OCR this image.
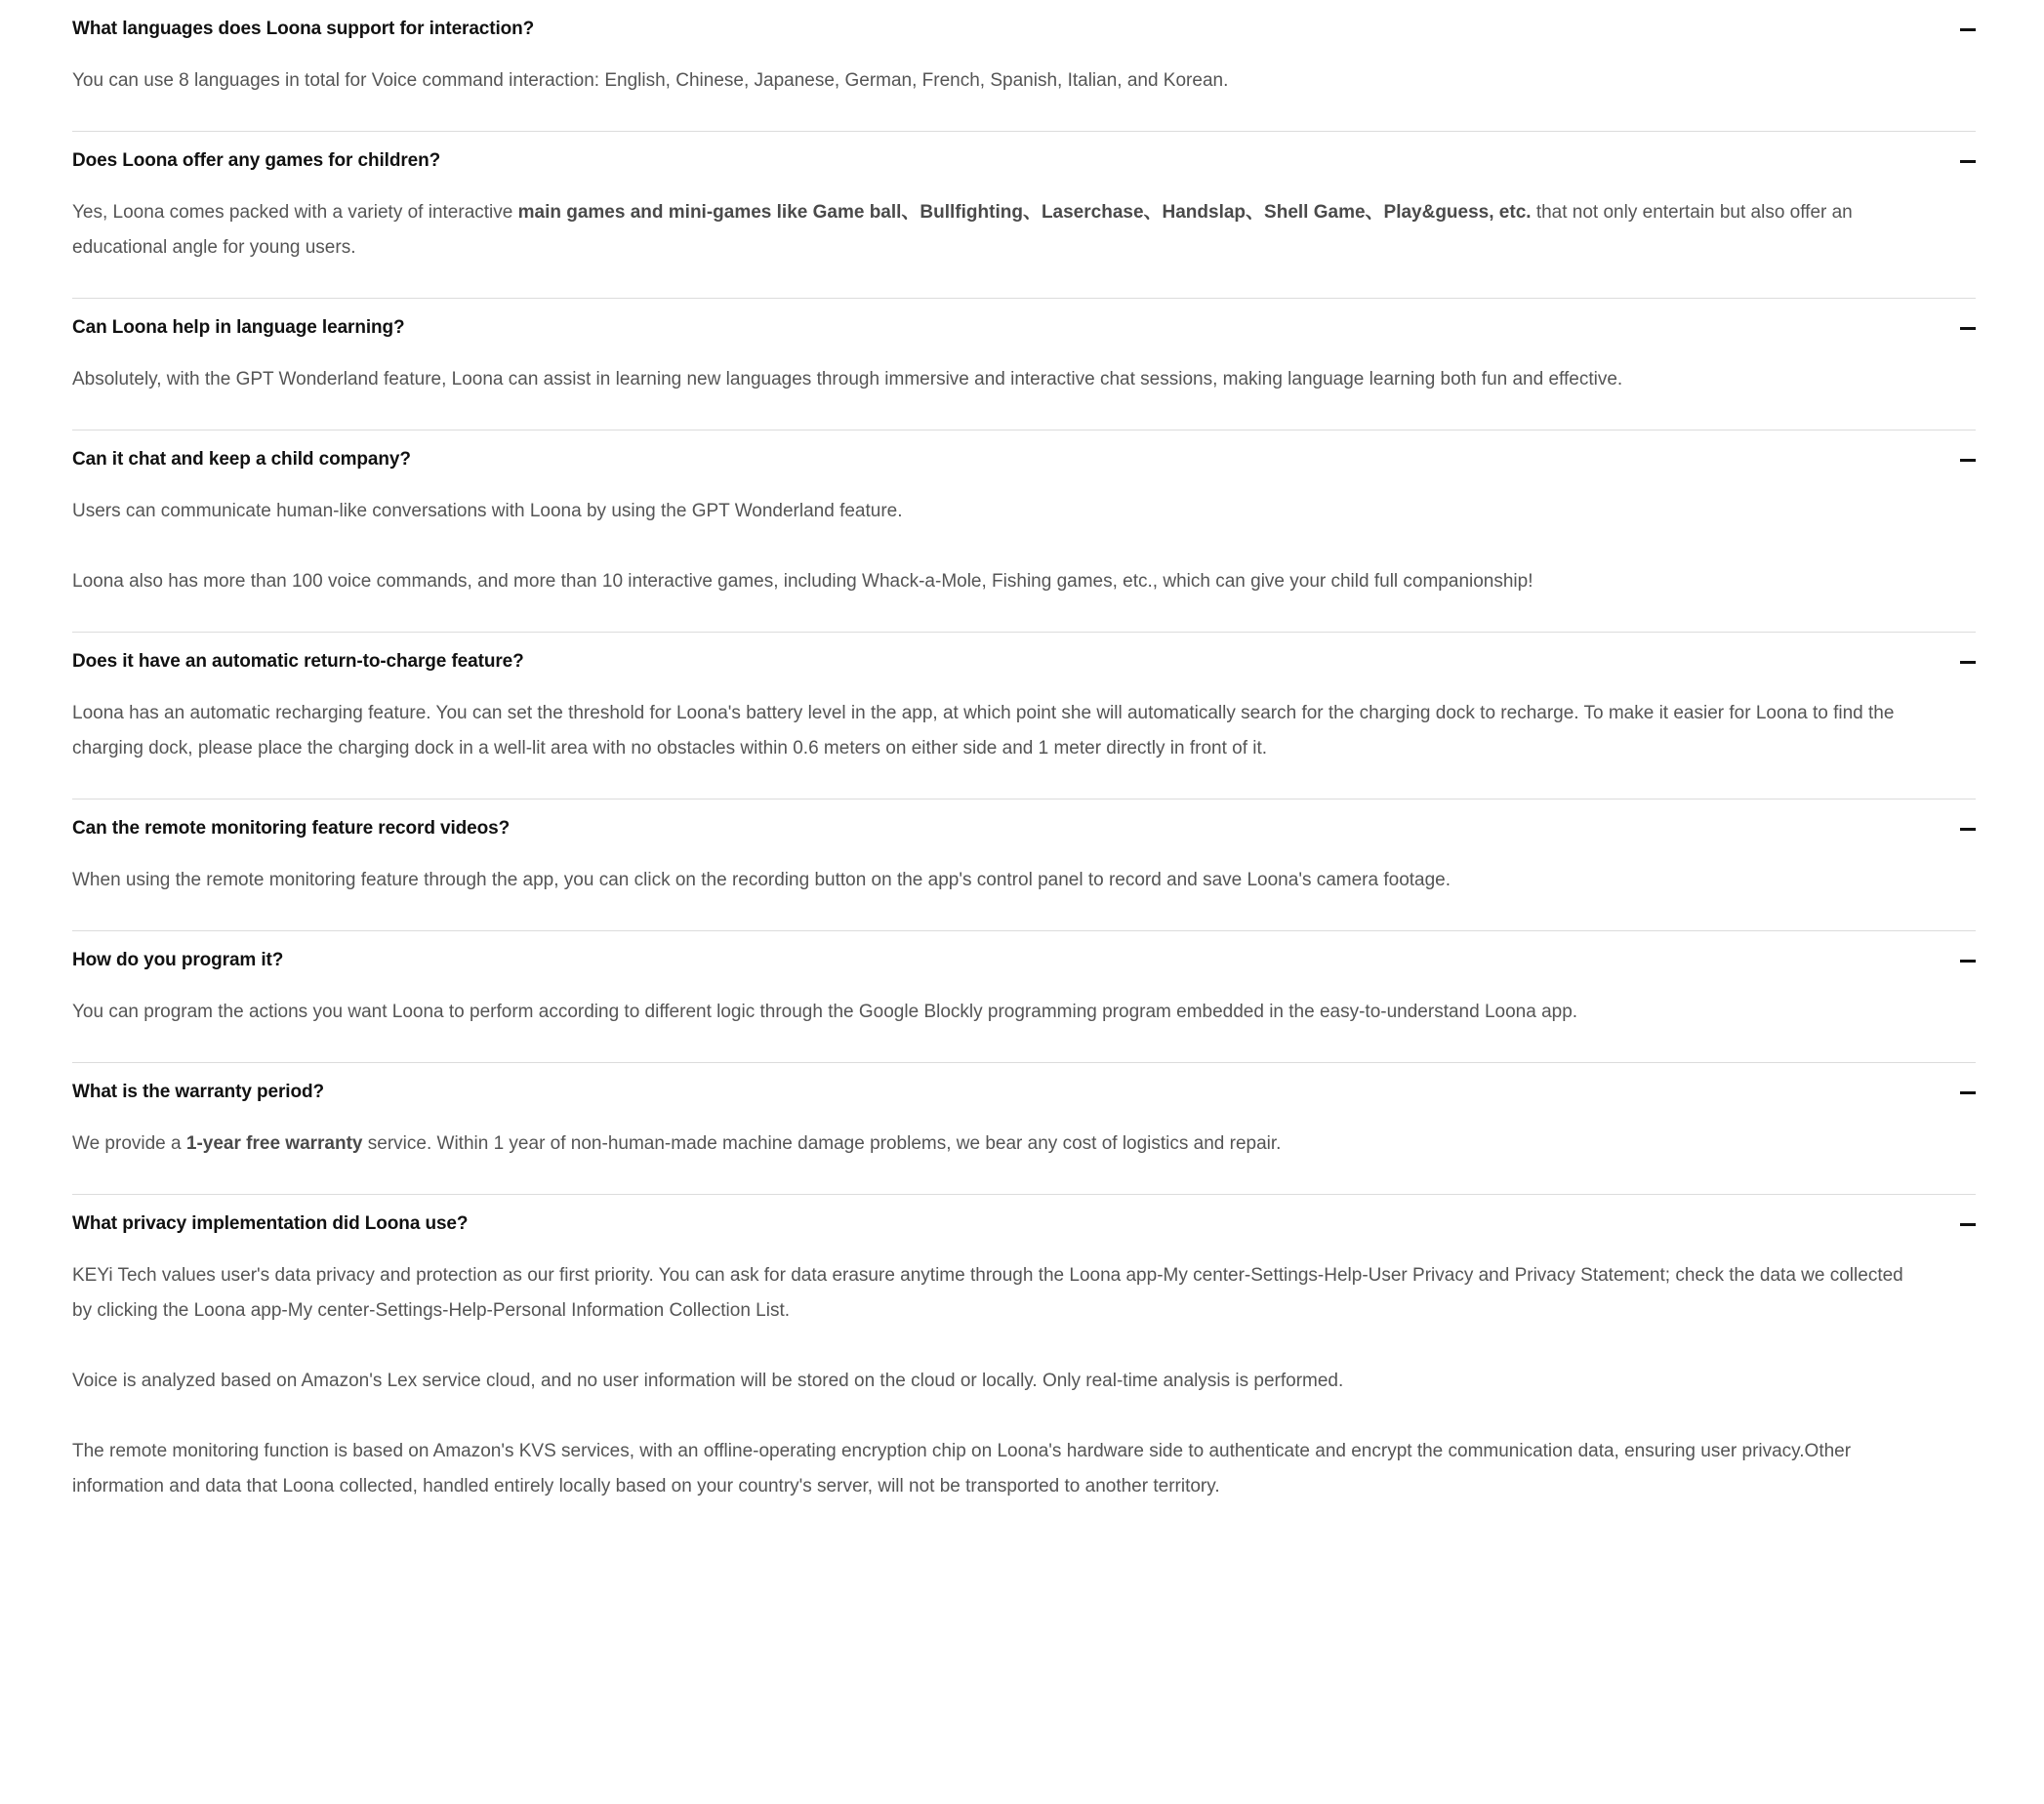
What languages does Loona support for interaction?

You can use 8 languages in total for Voice command interaction: English, Chinese, Japanese, German, French, Spanish, Italian, and Korean.

Does Loona offer any games for children?

Yes, Loona comes packed with a variety of interactive main games and mini-games like Game ball、Bullfighting、Laserchase、Handslap、Shell Game、Play&guess, etc. that not only entertain but also offer an educational angle for young users.

Can Loona help in language learning?

Absolutely, with the GPT Wonderland feature, Loona can assist in learning new languages through immersive and interactive chat sessions, making language learning both fun and effective.

Can it chat and keep a child company?

Users can communicate human-like conversations with Loona by using the GPT Wonderland feature.

Loona also has more than 100 voice commands, and more than 10 interactive games, including Whack-a-Mole, Fishing games, etc., which can give your child full companionship!

Does it have an automatic return-to-charge feature?

Loona has an automatic recharging feature. You can set the threshold for Loona's battery level in the app, at which point she will automatically search for the charging dock to recharge. To make it easier for Loona to find the charging dock, please place the charging dock in a well-lit area with no obstacles within 0.6 meters on either side and 1 meter directly in front of it.

Can the remote monitoring feature record videos?

When using the remote monitoring feature through the app, you can click on the recording button on the app's control panel to record and save Loona's camera footage.

How do you program it?

You can program the actions you want Loona to perform according to different logic through the Google Blockly programming program embedded in the easy-to-understand Loona app.

What is the warranty period?

We provide a 1-year free warranty service. Within 1 year of non-human-made machine damage problems, we bear any cost of logistics and repair.

What privacy implementation did Loona use?

KEYi Tech values user's data privacy and protection as our first priority. You can ask for data erasure anytime through the Loona app-My center-Settings-Help-User Privacy and Privacy Statement; check the data we collected by clicking the Loona app-My center-Settings-Help-Personal Information Collection List.

Voice is analyzed based on Amazon's Lex service cloud, and no user information will be stored on the cloud or locally. Only real-time analysis is performed.

The remote monitoring function is based on Amazon's KVS services, with an offline-operating encryption chip on Loona's hardware side to authenticate and encrypt the communication data, ensuring user privacy.Other information and data that Loona collected, handled entirely locally based on your country's server, will not be transported to another territory.
